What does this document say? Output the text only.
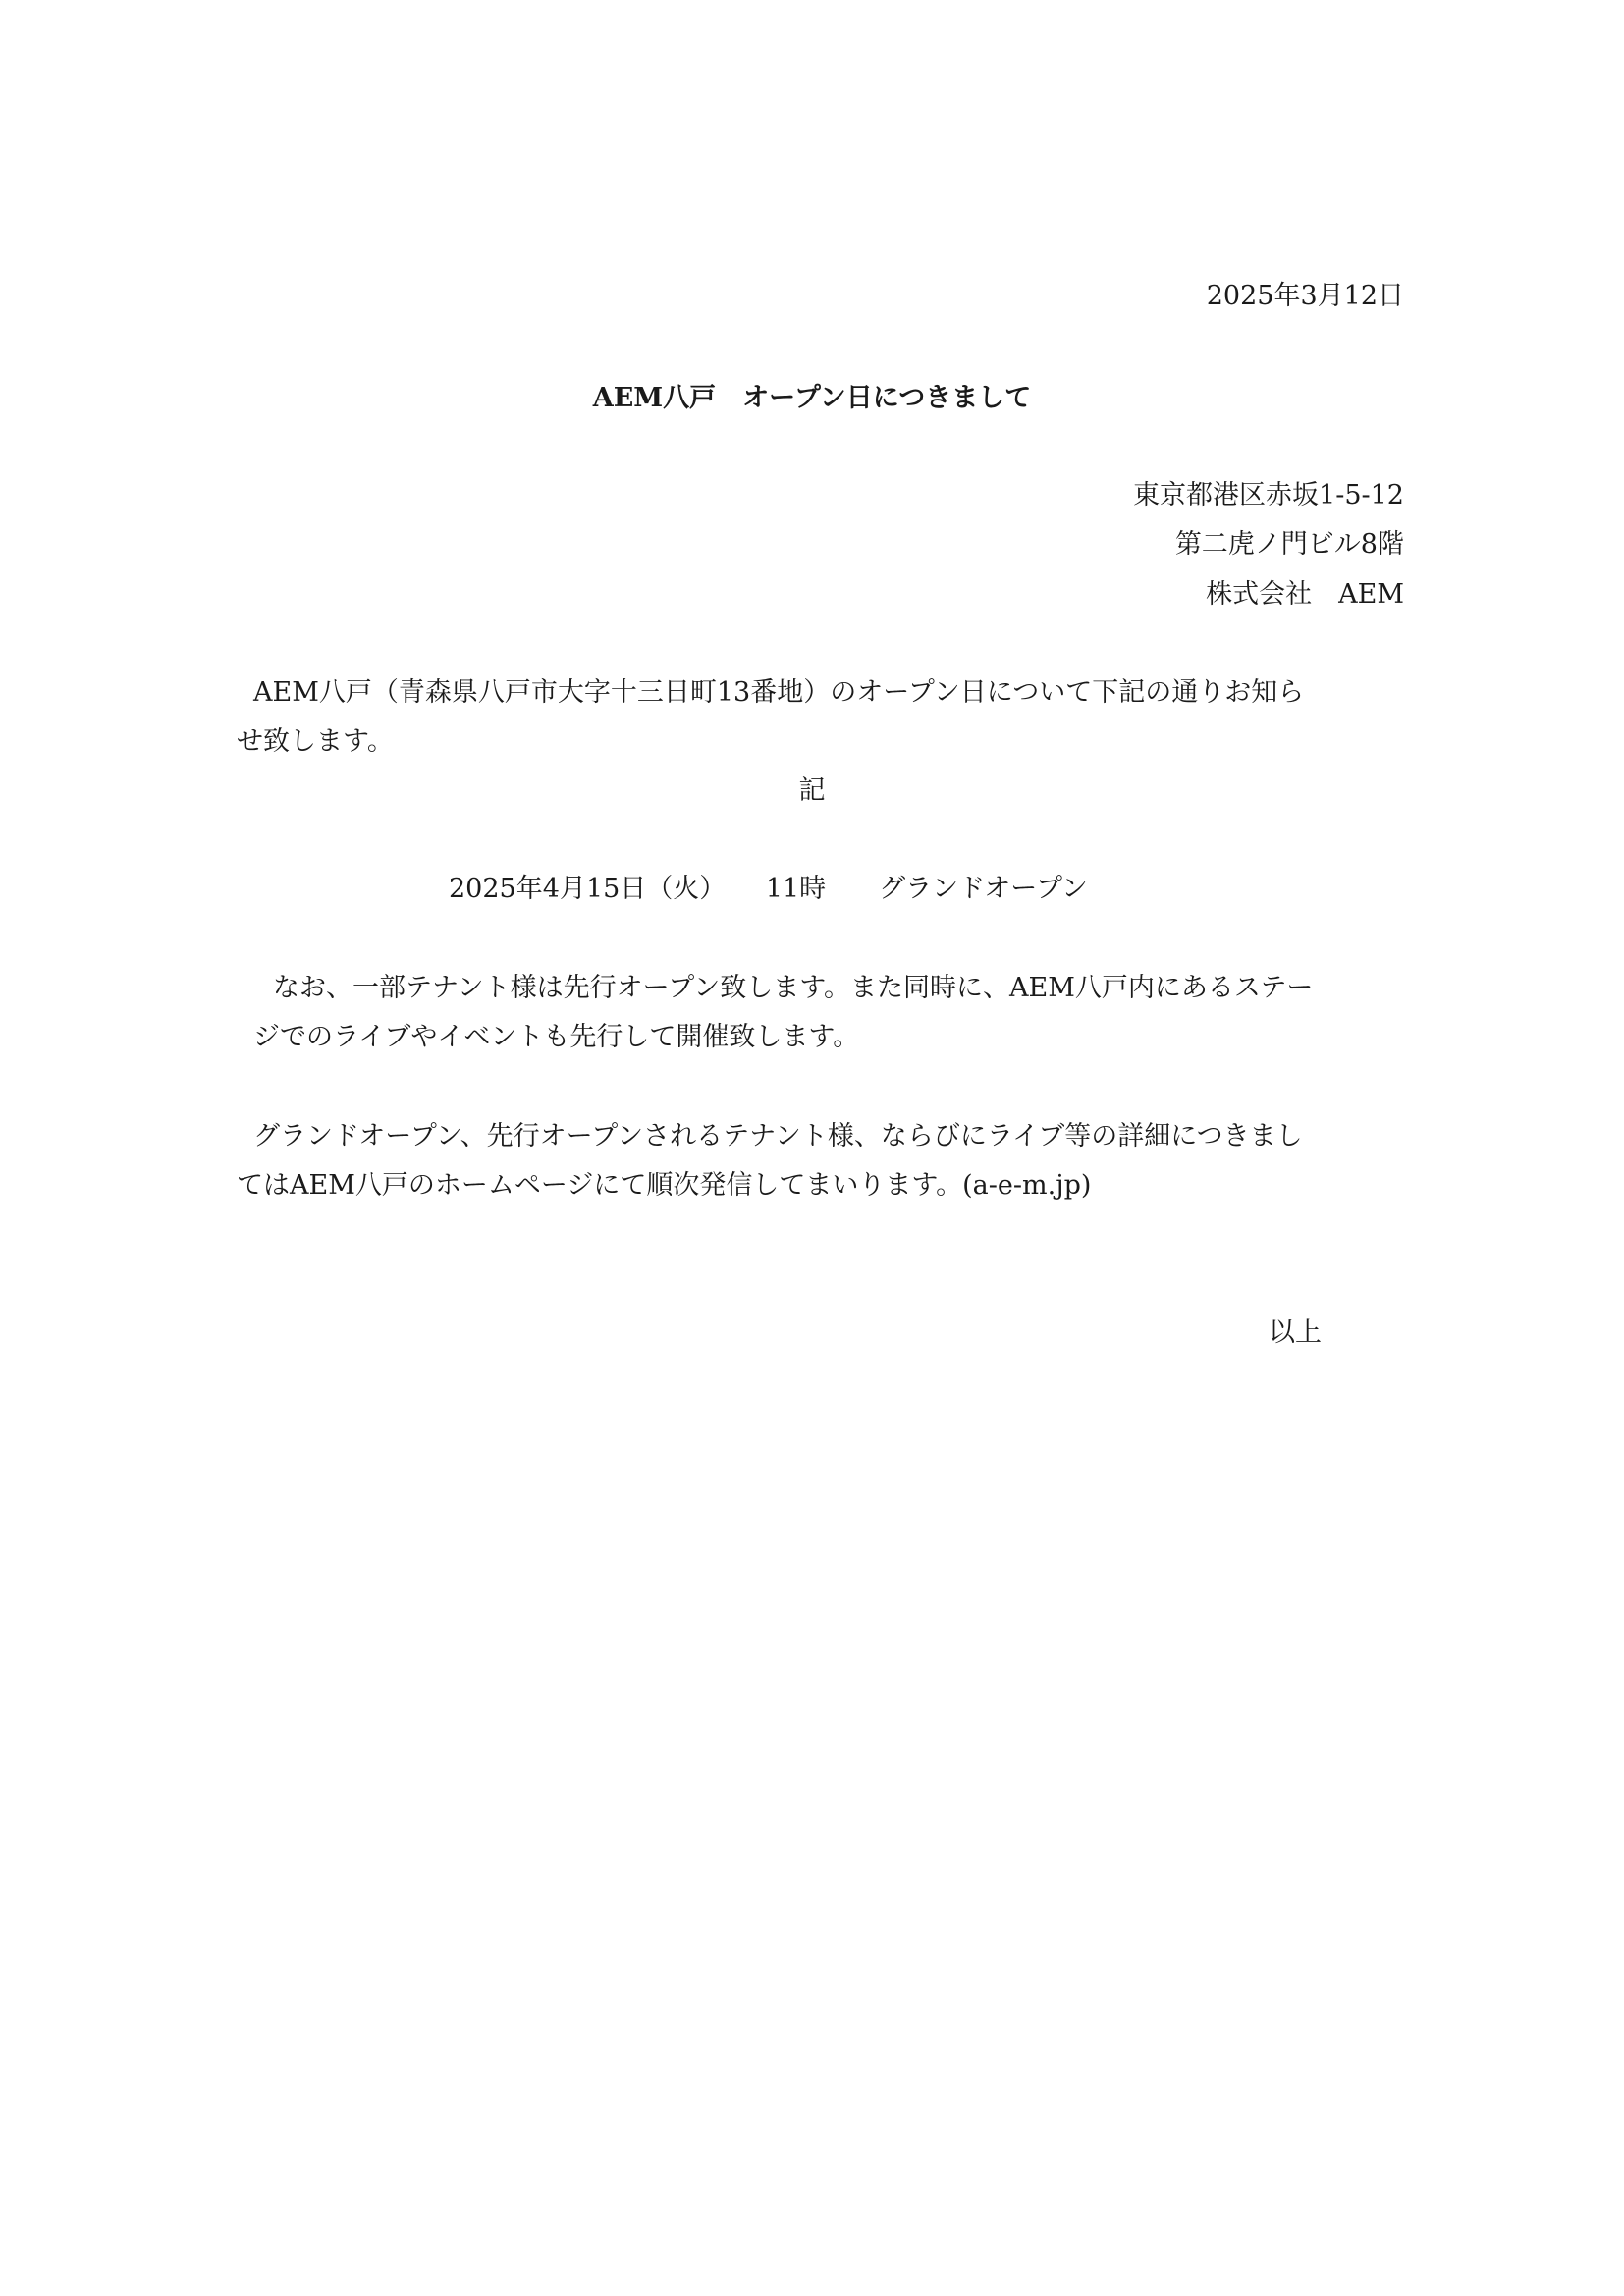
2025年3月12日
AEM八戸　オープン日につきまして
東京都港区赤坂1-5-12
第二虎ノ門ビル8階
株式会社　AEM
AEM八戸（青森県八戸市大字十三日町13番地）のオープン日について下記の通りお知ら
せ致します。
記
2025年4月15日（火）　　11時　　グランドオープン
なお、一部テナント様は先行オープン致します。また同時に、AEM八戸内にあるステー
ジでのライブやイベントも先行して開催致します。
グランドオープン、先行オープンされるテナント様、ならびにライブ等の詳細につきまし
てはAEM八戸のホームページにて順次発信してまいります。(a-e-m.jp)
以上
